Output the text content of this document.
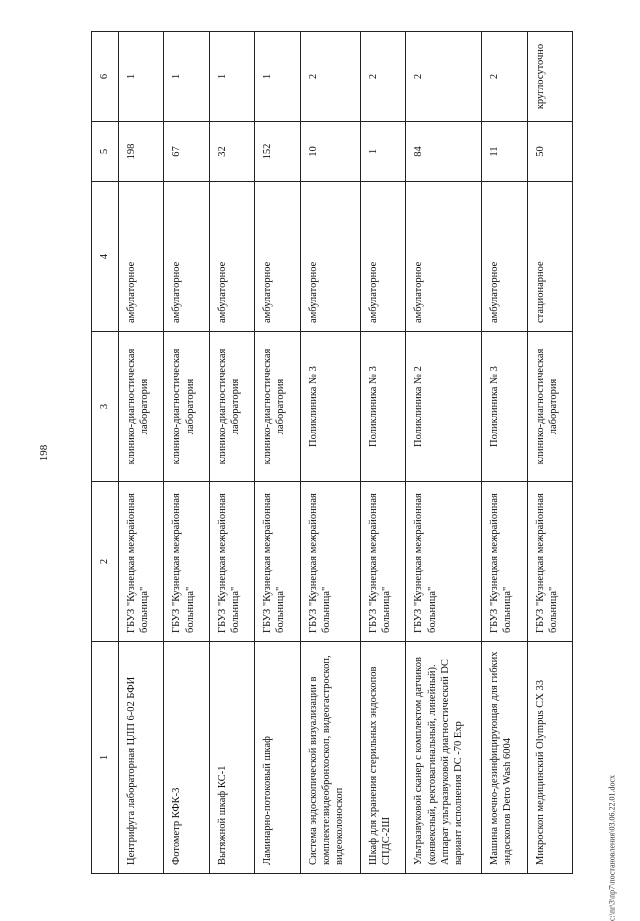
198
1	2	3	4	5	6
Центрифуга лабораторная ЦЛП 6-02 БФИ	ГБУЗ "Кузнецкая межрайонная больница"	клинико-диагностическая лаборатория	амбулаторное	198	1
Фотометр КФК-3	ГБУЗ "Кузнецкая межрайонная больница"	клинико-диагностическая лаборатория	амбулаторное	67	1
Вытяжной шкаф КС-1	ГБУЗ "Кузнецкая межрайонная больница"	клинико-диагностическая лаборатория	амбулаторное	32	1
Ламинарно-потоковый шкаф	ГБУЗ "Кузнецкая межрайонная больница"	клинико-диагностическая лаборатория	амбулаторное	152	1
Система эндоскопической визуализации в комплекте:видеобронхоскоп, видеогастроскоп, видеоколоноскоп	ГБУЗ "Кузнецкая межрайонная больница"	Поликлиника № 3	амбулаторное	10	2
Шкаф для хранения стерильных эндоскопов СПДС-2Ш	ГБУЗ "Кузнецкая межрайонная больница"	Поликлиника № 3	амбулаторное	1	2
Ультразвуковой сканер с комплектом датчиков (конвексный, ректовагинальный, линейный). Аппарат ультразвуковой диагностический DC вариант исполнения DC -70 Exp	ГБУЗ "Кузнецкая межрайонная больница"	Поликлиника № 2	амбулаторное	84	2
Машина моечно-дезинфицирующая для гибких эндоскопов Detro Wash 6004	ГБУЗ "Кузнецкая межрайонная больница"	Поликлиника № 3	амбулаторное	11	2
Микроскоп медицинский Olympus CX 33	ГБУЗ "Кузнецкая межрайонная больница"	клинико-диагностическая лаборатория	стационарное	50	круглосуточно
c:\nr\3\np7\постановления\03.06.22.01.docx
